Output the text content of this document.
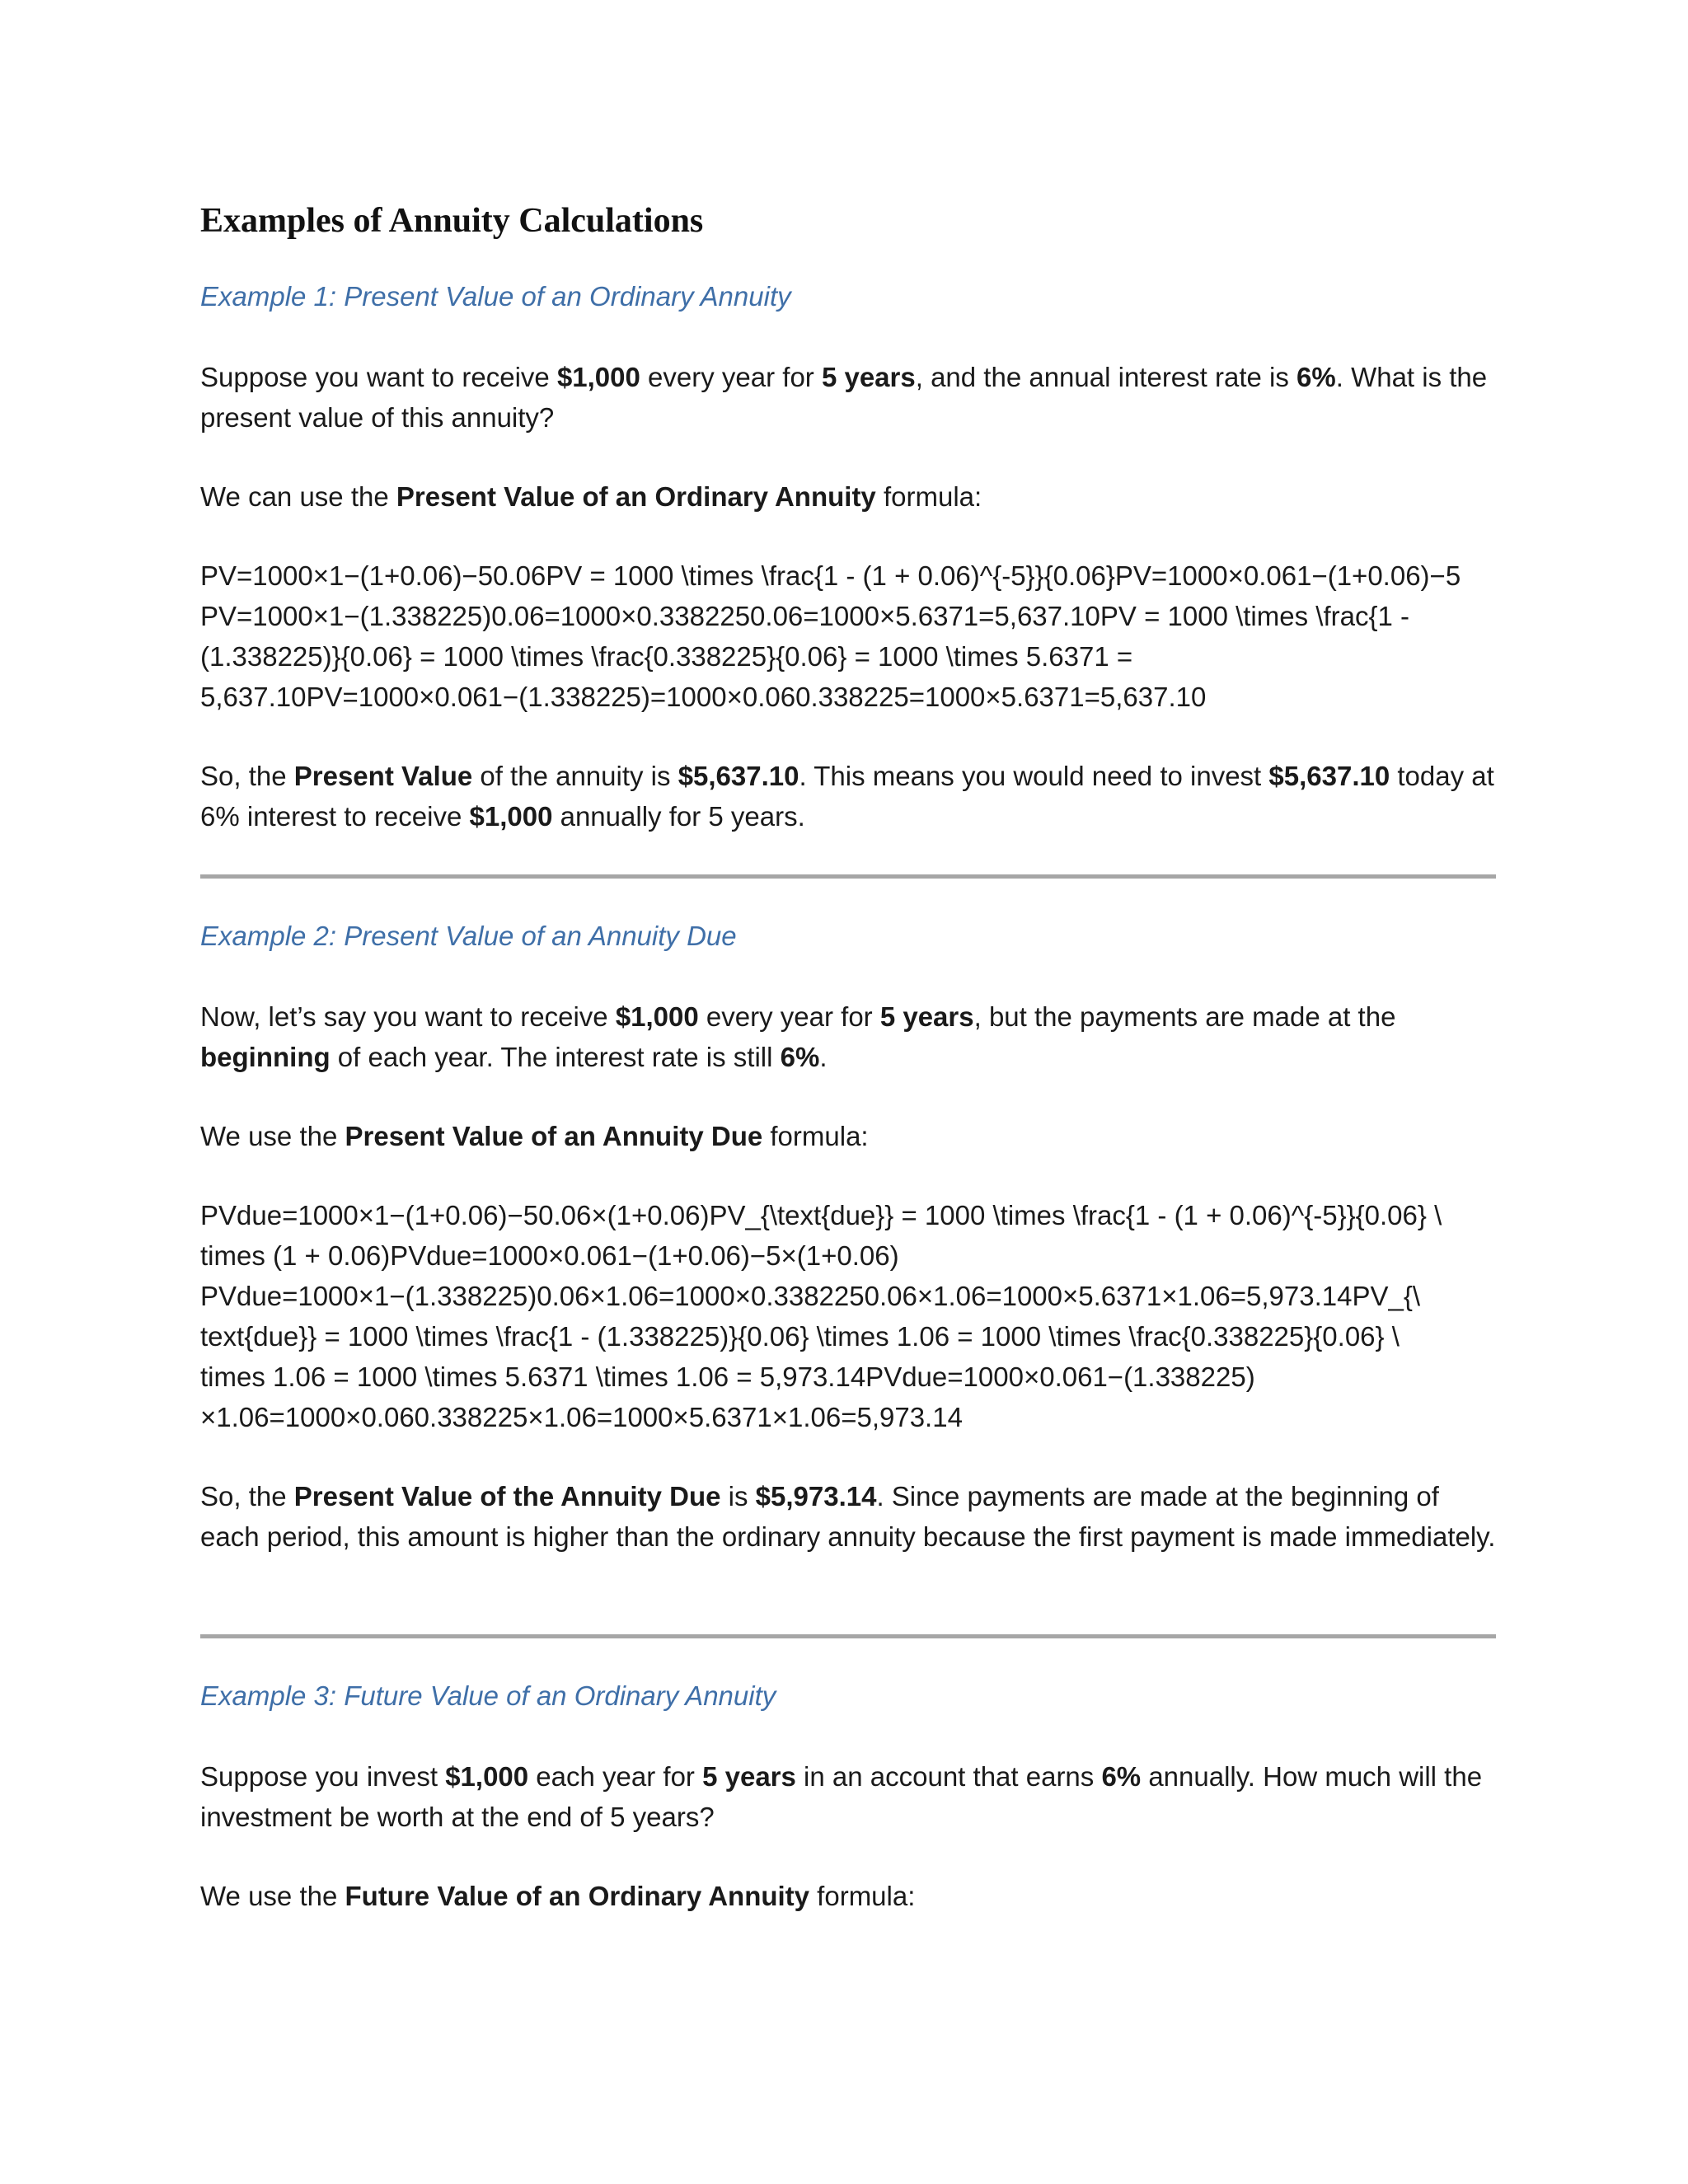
Examples of Annuity Calculations
Example 1: Present Value of an Ordinary Annuity

Suppose you want to receive $1,000 every year for 5 years, and the annual interest rate is 6%. What is the present value of this annuity?

We can use the Present Value of an Ordinary Annuity formula:

PV=1000×1−(1+0.06)−50.06PV = 1000 \times \frac{1 - (1 + 0.06)^{-5}}{0.06}PV=1000×0.061−(1+0.06)−5
PV=1000×1−(1.338225)0.06=1000×0.3382250.06=1000×5.6371=5,637.10PV = 1000 \times \frac{1 -
(1.338225)}{0.06} = 1000 \times \frac{0.338225}{0.06} = 1000 \times 5.6371 =
5,637.10PV=1000×0.061−(1.338225)=1000×0.060.338225=1000×5.6371=5,637.10

So, the Present Value of the annuity is $5,637.10. This means you would need to invest $5,637.10 today at 6% interest to receive $1,000 annually for 5 years.

Example 2: Present Value of an Annuity Due

Now, let’s say you want to receive $1,000 every year for 5 years, but the payments are made at the beginning of each year. The interest rate is still 6%.

We use the Present Value of an Annuity Due formula:

PVdue=1000×1−(1+0.06)−50.06×(1+0.06)PV_{\text{due}} = 1000 \times \frac{1 - (1 + 0.06)^{-5}}{0.06} \
times (1 + 0.06)PVdue=1000×0.061−(1+0.06)−5×(1+0.06)
PVdue=1000×1−(1.338225)0.06×1.06=1000×0.3382250.06×1.06=1000×5.6371×1.06=5,973.14PV_{\
text{due}} = 1000 \times \frac{1 - (1.338225)}{0.06} \times 1.06 = 1000 \times \frac{0.338225}{0.06} \
times 1.06 = 1000 \times 5.6371 \times 1.06 = 5,973.14PVdue=1000×0.061−(1.338225)
×1.06=1000×0.060.338225×1.06=1000×5.6371×1.06=5,973.14

So, the Present Value of the Annuity Due is $5,973.14. Since payments are made at the beginning of each period, this amount is higher than the ordinary annuity because the first payment is made immediately.

Example 3: Future Value of an Ordinary Annuity

Suppose you invest $1,000 each year for 5 years in an account that earns 6% annually. How much will the investment be worth at the end of 5 years?

We use the Future Value of an Ordinary Annuity formula:
